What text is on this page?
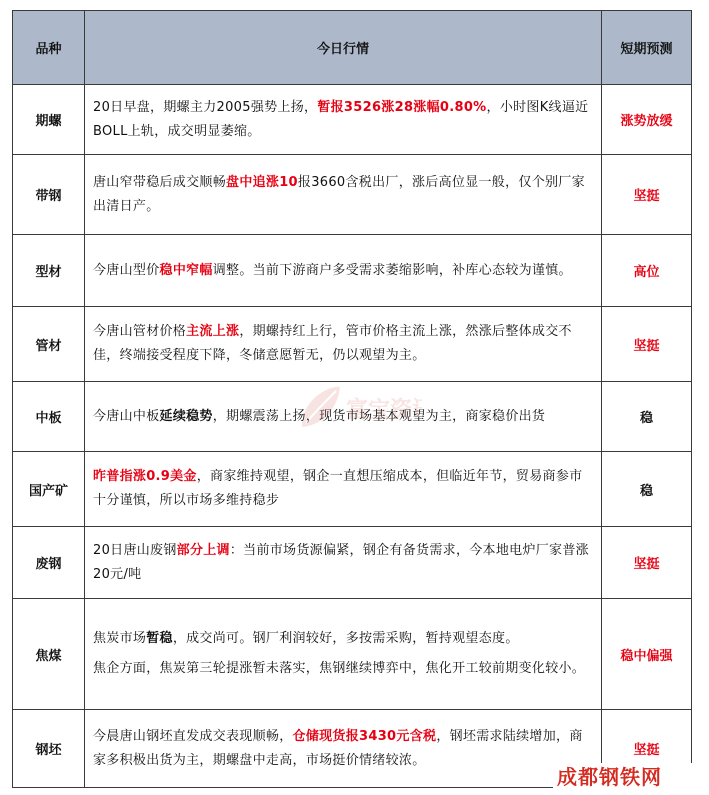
品种	今日行情	短期预测
期螺	20日早盘，期螺主力2005强势上扬，暂报3526涨28涨幅0.80%，小时图K线逼近BOLL上轨，成交明显萎缩。	涨势放缓
带钢	唐山窄带稳后成交顺畅盘中追涨10报3660含税出厂，涨后高位显一般，仅个别厂家出清日产。	坚挺
型材	今唐山型价稳中窄幅调整。当前下游商户多受需求萎缩影响，补库心态较为谨慎。	高位
管材	今唐山管材价格主流上涨，期螺持红上行，管市价格主流上涨，然涨后整体成交不佳，终端接受程度下降，冬储意愿暂无，仍以观望为主。	坚挺
中板	今唐山中板延续稳势，期螺震荡上扬，现货市场基本观望为主，商家稳价出货	稳
国产矿	昨普指涨0.9美金，商家维持观望，钢企一直想压缩成本，但临近年节，贸易商参市十分谨慎，所以市场多维持稳步	稳
废钢	20日唐山废钢部分上调：当前市场货源偏紧，钢企有备货需求，今本地电炉厂家普涨20元/吨	坚挺
焦煤	焦炭市场暂稳，成交尚可。钢厂利润较好，多按需采购，暂持观望态度。
焦企方面，焦炭第三轮提涨暂未落实，焦钢继续博弈中，焦化开工较前期变化较小。	稳中偏强
钢坯	今晨唐山钢坯直发成交表现顺畅，仓储现货报3430元含税，钢坯需求陆续增加，商家多积极出货为主，期螺盘中走高，市场挺价情绪较浓。	坚挺
富宝资
成都钢铁网
